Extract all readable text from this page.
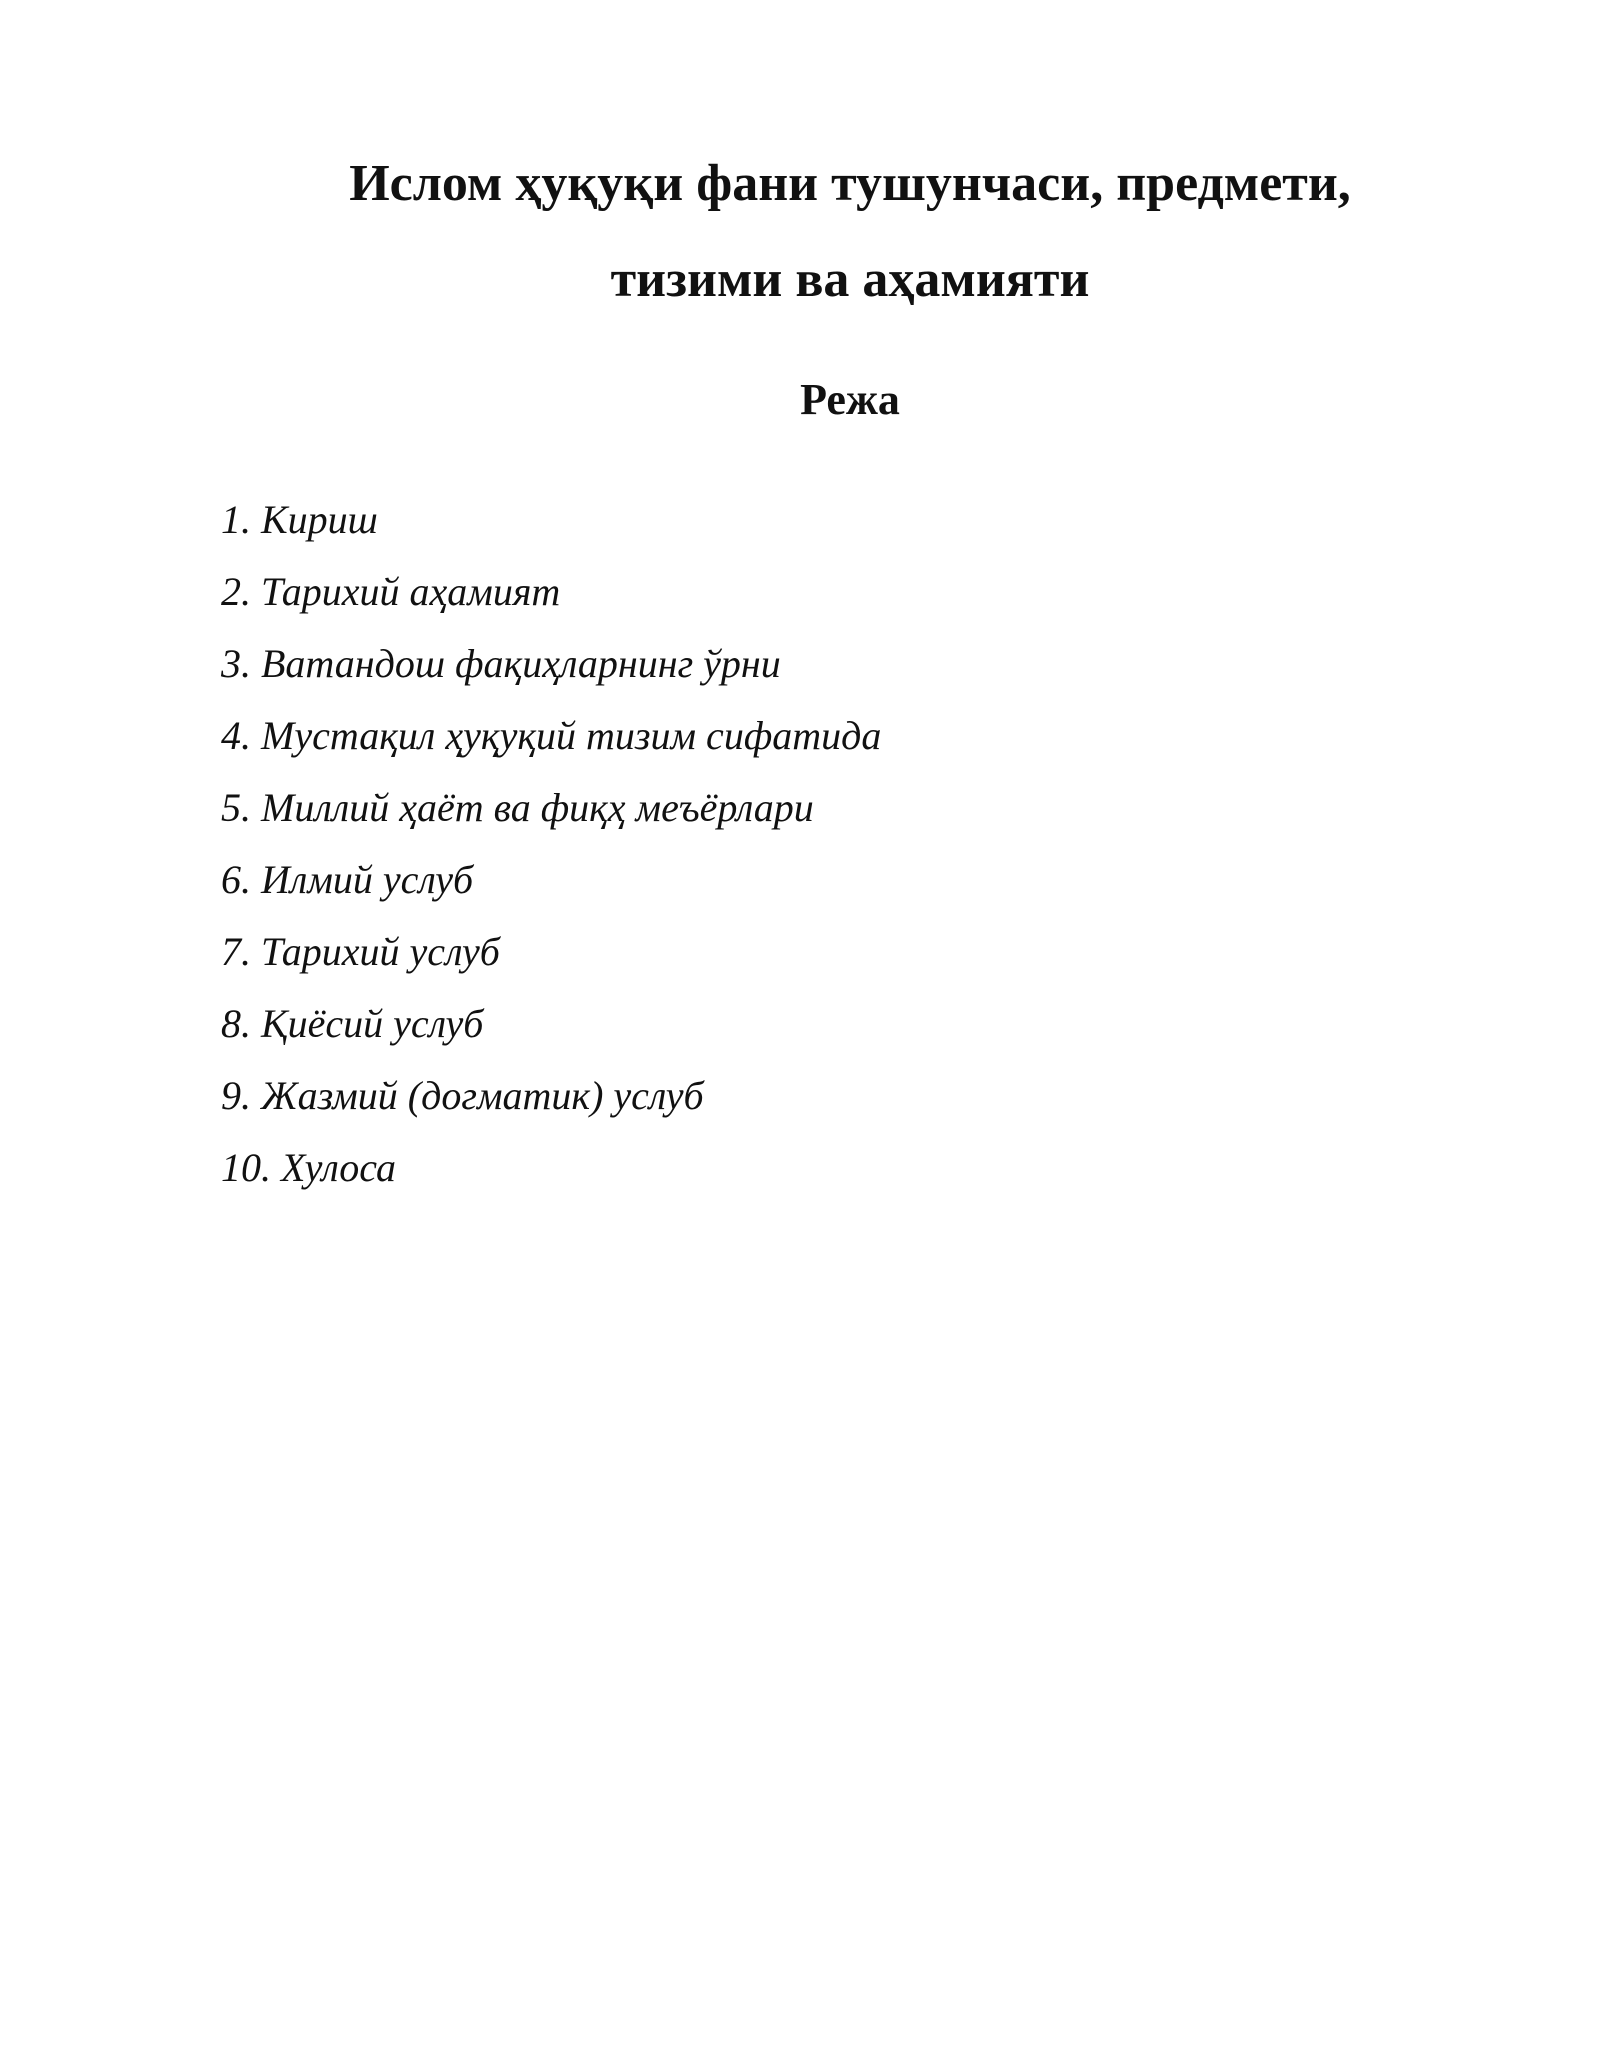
Ислом ҳуқуқи фани тушунчаси, предмети,
тизими ва аҳамияти
Режа
1. Кириш
2. Тарихий аҳамият
3. Ватандош фақиҳларнинг ўрни
4. Мустақил ҳуқуқий тизим сифатида
5. Миллий ҳаёт ва фиқҳ меъёрлари
6. Илмий услуб
7. Тарихий услуб
8. Қиёсий услуб
9. Жазмий (догматик) услуб
10. Хулоса
